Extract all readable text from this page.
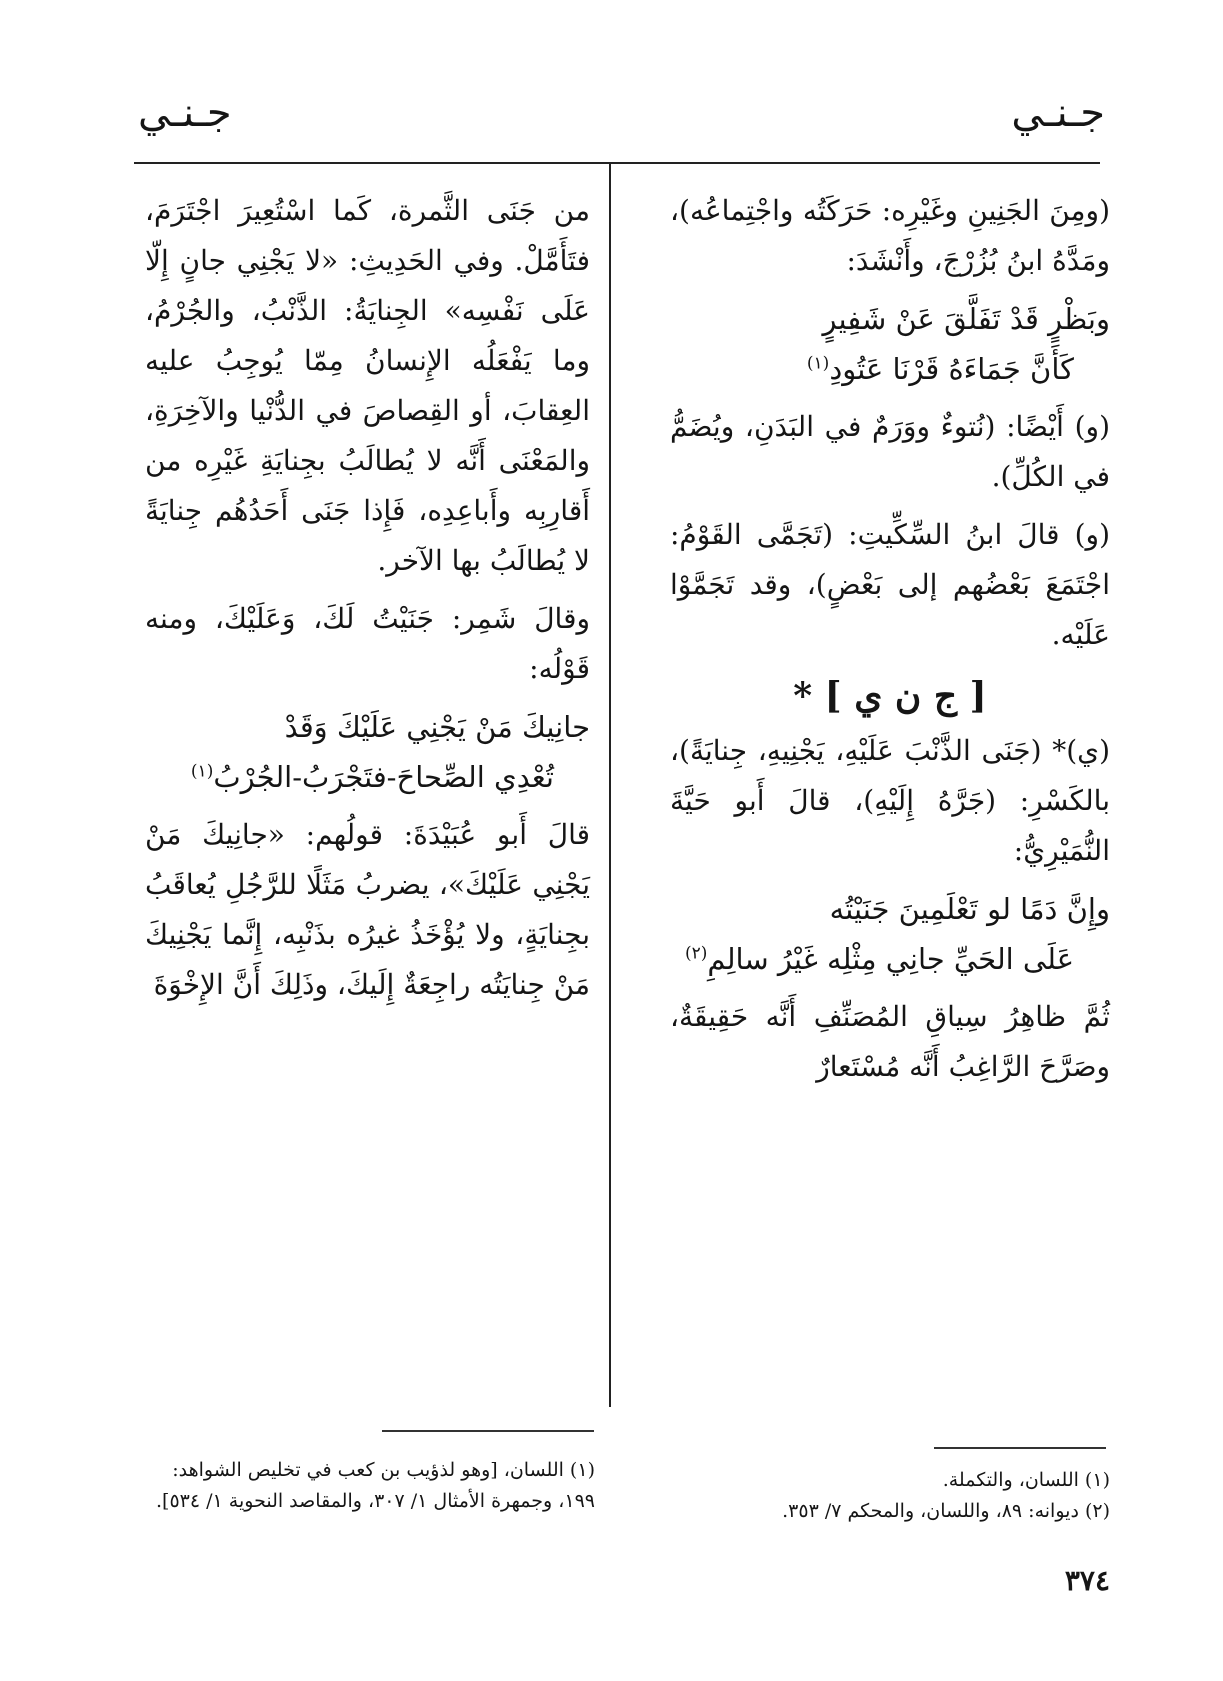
جـنـي
جـنـي

(ومِنَ الجَنِينِ وغَيْرِه: حَرَكَتُه واجْتِماعُه)، ومَدَّهُ ابنُ بُزُرْجَ، وأَنْشَدَ:

وبَظْرٍ قَدْ تَفَلَّقَ عَنْ شَفِيرٍ
كَأَنَّ جَمَاءَهُ قَرْنَا عَتُودِ$^{(١)}$

(و) أَيْضًا: (نُتوءٌ ووَرَمٌ في البَدَنِ، ويُضَمُّ في الكُلِّ).

(و) قالَ ابنُ السِّكِّيتِ: (تَجَمَّى القَوْمُ: اجْتَمَعَ بَعْضُهم إلى بَعْضٍ)، وقد تَجَمَّوْا عَلَيْه.

[ ج ن ي ] *

(ي)* (جَنَى الذَّنْبَ عَلَيْهِ، يَجْنِيهِ، جِنايَةً)، بالكَسْرِ: (جَرَّهُ إِلَيْهِ)، قالَ أَبو حَيَّةَ النُّمَيْرِيُّ:

وإِنَّ دَمًا لو تَعْلَمِينَ جَنَيْتُه
عَلَى الحَيِّ جانِي مِثْلِه غَيْرُ سالِمِ$^{(٢)}$

ثُمَّ ظاهِرُ سِياقِ المُصَنِّفِ أَنَّه حَقِيقَةٌ، وصَرَّحَ الرَّاغِبُ أَنَّه مُسْتَعارٌ

من جَنَى الثَّمرة، كَما اسْتُعِيرَ اجْتَرَمَ، فتَأَمَّلْ. وفي الحَدِيثِ: «لا يَجْنِي جانٍ إِلّا عَلَى نَفْسِه» الجِنايَةُ: الذَّنْبُ، والجُرْمُ، وما يَفْعَلُه الإِنسانُ مِمّا يُوجِبُ عليه العِقابَ، أو القِصاصَ في الدُّنْيا والآخِرَةِ، والمَعْنَى أَنَّه لا يُطالَبُ بجِنايَةِ غَيْرِه من أَقارِبِه وأَباعِدِه، فَإِذا جَنَى أَحَدُهُم جِنايَةً لا يُطالَبُ بها الآخر.

وقالَ شَمِر: جَنَيْتُ لَكَ، وَعَلَيْكَ، ومنه قَوْلُه:

جانِيكَ مَنْ يَجْنِي عَلَيْكَ وَقَدْ
تُعْدِي الصِّحاحَ-فتَجْرَبُ-الجُرْبُ$^{(١)}$

قالَ أَبو عُبَيْدَةَ: قولُهم: «جانِيكَ مَنْ يَجْنِي عَلَيْكَ»، يضربُ مَثَلًا للرَّجُلِ يُعاقَبُ بجِنايَةٍ، ولا يُؤْخَذُ غيرُه بذَنْبِه، إِنَّما يَجْنِيكَ مَنْ جِنايَتُه راجِعَةٌ إِلَيكَ، وذَلِكَ أَنَّ الإِخْوَةَ

(١) اللسان، والتكملة.

(٢) ديوانه: ٨٩، واللسان، والمحكم ٧/ ٣٥٣.

(١) اللسان، [وهو لذؤيب بن كعب في تخليص الشواهد: ١٩٩، وجمهرة الأمثال ١/ ٣٠٧، والمقاصد النحوية ١/ ٥٣٤].

٣٧٤
